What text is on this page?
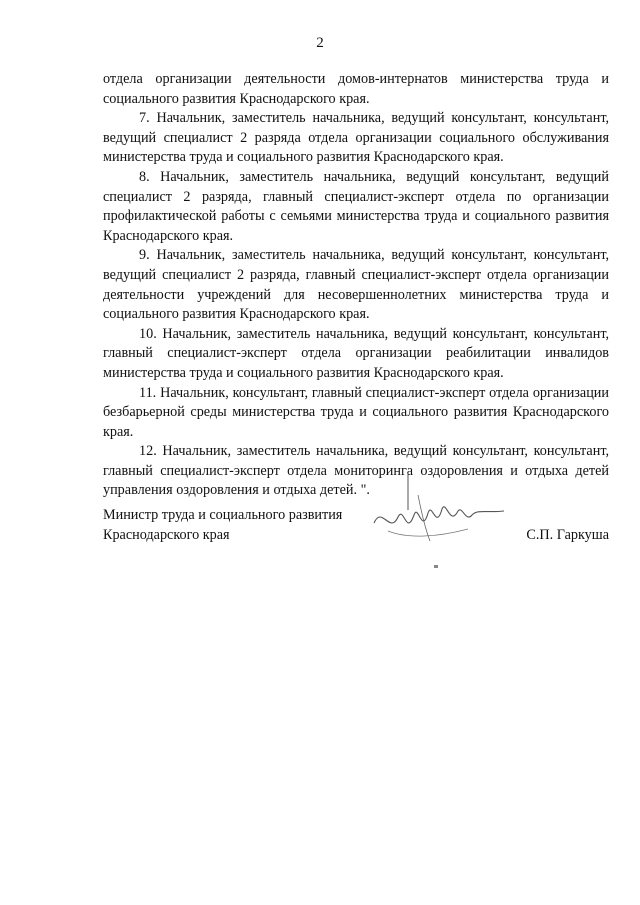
2

отдела организации деятельности домов-интернатов министерства труда и социального развития Краснодарского края.

7. Начальник, заместитель начальника, ведущий консультант, консультант, ведущий специалист 2 разряда отдела организации социального обслуживания министерства труда и социального развития Краснодарского края.

8. Начальник, заместитель начальника, ведущий консультант, ведущий специалист 2 разряда, главный специалист-эксперт отдела по организации профилактической работы с семьями министерства труда и социального развития Краснодарского края.

9. Начальник, заместитель начальника, ведущий консультант, консультант, ведущий специалист 2 разряда, главный специалист-эксперт отдела организации деятельности учреждений для несовершеннолетних министерства труда и социального развития Краснодарского края.

10. Начальник, заместитель начальника, ведущий консультант, консультант, главный специалист-эксперт отдела организации реабилитации инвалидов министерства труда и социального развития Краснодарского края.

11. Начальник, консультант, главный специалист-эксперт отдела организации безбарьерной среды министерства труда и социального развития Краснодарского края.

12. Начальник, заместитель начальника, ведущий консультант, консультант, главный специалист-эксперт отдела мониторинга оздоровления и отдыха детей управления оздоровления и отдыха детей. ".

Министр труда и социального развития
Краснодарского края	С.П. Гаркуша
